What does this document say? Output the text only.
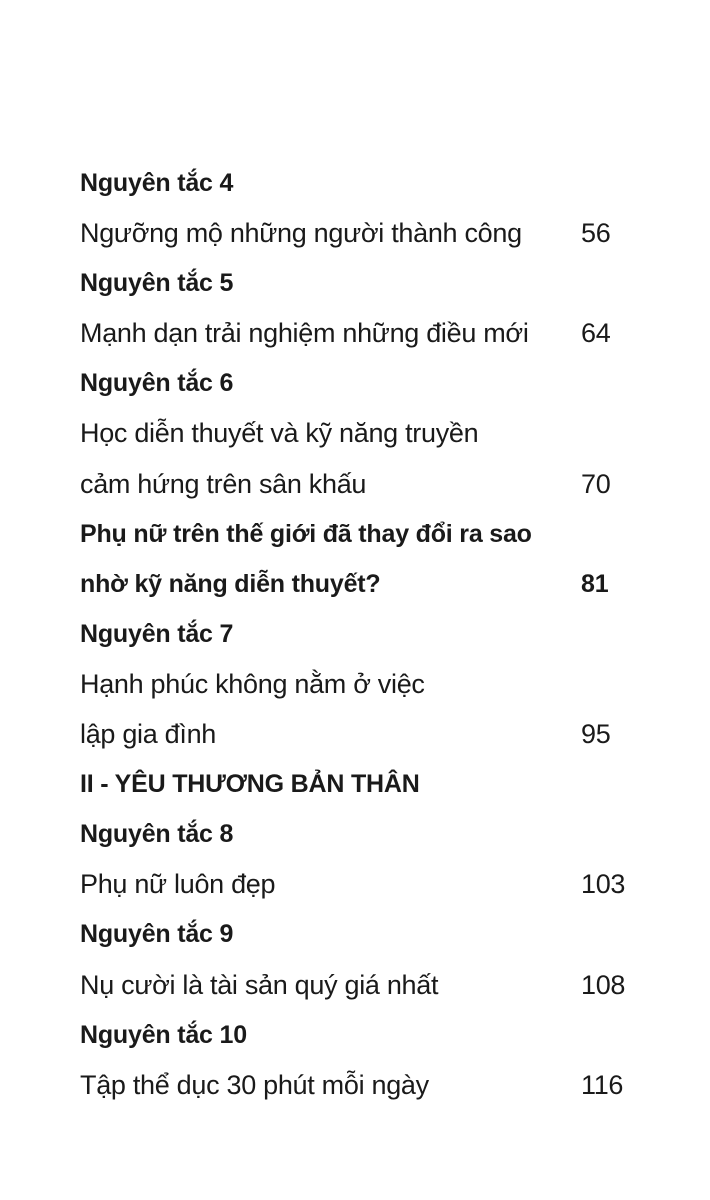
Nguyên tắc 4
Ngưỡng mộ những người thành công 56
Nguyên tắc 5
Mạnh dạn trải nghiệm những điều mới 64
Nguyên tắc 6
Học diễn thuyết và kỹ năng truyền
cảm hứng trên sân khấu	70
Phụ nữ trên thế giới đã thay đổi ra sao
nhờ kỹ năng diễn thuyết?	81
Nguyên tắc 7
Hạnh phúc không nằm ở việc
lập gia đình	95
II - YÊU THƯƠNG BẢN THÂN
Nguyên tắc 8
Phụ nữ luôn đẹp	103
Nguyên tắc 9
Nụ cười là tài sản quý giá nhất	108
Nguyên tắc 10
Tập thể dục 30 phút mỗi ngày	116
